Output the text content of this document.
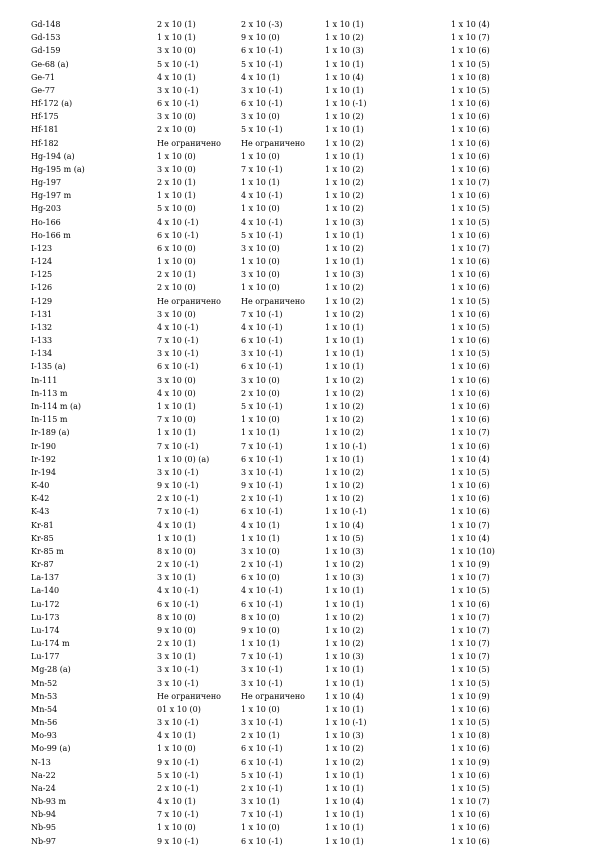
Gd-148	2 x 10 (1)	2 x 10 (-3)	1 x 10 (1)	1 x 10 (4)
Gd-153	1 x 10 (1)	9 x 10 (0)	1 x 10 (2)	1 x 10 (7)
Gd-159	3 x 10 (0)	6 x 10 (-1)	1 x 10 (3)	1 x 10 (6)
Ge-68 (a)	5 x 10 (-1)	5 x 10 (-1)	1 x 10 (1)	1 x 10 (5)
Ge-71	4 x 10 (1)	4 x 10 (1)	1 x 10 (4)	1 x 10 (8)
Ge-77	3 x 10 (-1)	3 x 10 (-1)	1 x 10 (1)	1 x 10 (5)
Hf-172 (a)	6 x 10 (-1)	6 x 10 (-1)	1 x 10 (-1)	1 x 10 (6)
Hf-175	3 x 10 (0)	3 x 10 (0)	1 x 10 (2)	1 x 10 (6)
Hf-181	2 x 10 (0)	5 x 10 (-1)	1 x 10 (1)	1 x 10 (6)
Hf-182	Не ограничено	Не ограничено	1 x 10 (2)	1 x 10 (6)
Hg-194 (a)	1 x 10 (0)	1 x 10 (0)	1 x 10 (1)	1 x 10 (6)
Hg-195 m (a)	3 x 10 (0)	7 x 10 (-1)	1 x 10 (2)	1 x 10 (6)
Hg-197	2 x 10 (1)	1 x 10 (1)	1 x 10 (2)	1 x 10 (7)
Hg-197 m	1 x 10 (1)	4 x 10 (-1)	1 x 10 (2)	1 x 10 (6)
Hg-203	5 x 10 (0)	1 x 10 (0)	1 x 10 (2)	1 x 10 (5)
Ho-166	4 x 10 (-1)	4 x 10 (-1)	1 x 10 (3)	1 x 10 (5)
Ho-166 m	6 x 10 (-1)	5 x 10 (-1)	1 x 10 (1)	1 x 10 (6)
I-123	6 x 10 (0)	3 x 10 (0)	1 x 10 (2)	1 x 10 (7)
I-124	1 x 10 (0)	1 x 10 (0)	1 x 10 (1)	1 x 10 (6)
I-125	2 x 10 (1)	3 x 10 (0)	1 x 10 (3)	1 x 10 (6)
I-126	2 x 10 (0)	1 x 10 (0)	1 x 10 (2)	1 x 10 (6)
I-129	Не ограничено	Не ограничено	1 x 10 (2)	1 x 10 (5)
I-131	3 x 10 (0)	7 x 10 (-1)	1 x 10 (2)	1 x 10 (6)
I-132	4 x 10 (-1)	4 x 10 (-1)	1 x 10 (1)	1 x 10 (5)
I-133	7 x 10 (-1)	6 x 10 (-1)	1 x 10 (1)	1 x 10 (6)
I-134	3 x 10 (-1)	3 x 10 (-1)	1 x 10 (1)	1 x 10 (5)
I-135 (a)	6 x 10 (-1)	6 x 10 (-1)	1 x 10 (1)	1 x 10 (6)
In-111	3 x 10 (0)	3 x 10 (0)	1 x 10 (2)	1 x 10 (6)
In-113 m	4 x 10 (0)	2 x 10 (0)	1 x 10 (2)	1 x 10 (6)
In-114 m (a)	1 x 10 (1)	5 x 10 (-1)	1 x 10 (2)	1 x 10 (6)
In-115 m	7 x 10 (0)	1 x 10 (0)	1 x 10 (2)	1 x 10 (6)
Ir-189 (a)	1 x 10 (1)	1 x 10 (1)	1 x 10 (2)	1 x 10 (7)
Ir-190	7 x 10 (-1)	7 x 10 (-1)	1 x 10 (-1)	1 x 10 (6)
Ir-192	1 x 10 (0) (a)	6 x 10 (-1)	1 x 10 (1)	1 x 10 (4)
Ir-194	3 x 10 (-1)	3 x 10 (-1)	1 x 10 (2)	1 x 10 (5)
K-40	9 x 10 (-1)	9 x 10 (-1)	1 x 10 (2)	1 x 10 (6)
K-42	2 x 10 (-1)	2 x 10 (-1)	1 x 10 (2)	1 x 10 (6)
K-43	7 x 10 (-1)	6 x 10 (-1)	1 x 10 (-1)	1 x 10 (6)
Kr-81	4 x 10 (1)	4 x 10 (1)	1 x 10 (4)	1 x 10 (7)
Kr-85	1 x 10 (1)	1 x 10 (1)	1 x 10 (5)	1 x 10 (4)
Kr-85 m	8 x 10 (0)	3 x 10 (0)	1 x 10 (3)	1 x 10 (10)
Kr-87	2 x 10 (-1)	2 x 10 (-1)	1 x 10 (2)	1 x 10 (9)
La-137	3 x 10 (1)	6 x 10 (0)	1 x 10 (3)	1 x 10 (7)
La-140	4 x 10 (-1)	4 x 10 (-1)	1 x 10 (1)	1 x 10 (5)
Lu-172	6 x 10 (-1)	6 x 10 (-1)	1 x 10 (1)	1 x 10 (6)
Lu-173	8 x 10 (0)	8 x 10 (0)	1 x 10 (2)	1 x 10 (7)
Lu-174	9 x 10 (0)	9 x 10 (0)	1 x 10 (2)	1 x 10 (7)
Lu-174 m	2 x 10 (1)	1 x 10 (1)	1 x 10 (2)	1 x 10 (7)
Lu-177	3 x 10 (1)	7 x 10 (-1)	1 x 10 (3)	1 x 10 (7)
Mg-28 (a)	3 x 10 (-1)	3 x 10 (-1)	1 x 10 (1)	1 x 10 (5)
Mn-52	3 x 10 (-1)	3 x 10 (-1)	1 x 10 (1)	1 x 10 (5)
Mn-53	Не ограничено	Не ограничено	1 x 10 (4)	1 x 10 (9)
Mn-54	01 x 10 (0)	1 x 10 (0)	1 x 10 (1)	1 x 10 (6)
Mn-56	3 x 10 (-1)	3 x 10 (-1)	1 x 10 (-1)	1 x 10 (5)
Mo-93	4 x 10 (1)	2 x 10 (1)	1 x 10 (3)	1 x 10 (8)
Mo-99 (a)	1 x 10 (0)	6 x 10 (-1)	1 x 10 (2)	1 x 10 (6)
N-13	9 x 10 (-1)	6 x 10 (-1)	1 x 10 (2)	1 x 10 (9)
Na-22	5 x 10 (-1)	5 x 10 (-1)	1 x 10 (1)	1 x 10 (6)
Na-24	2 x 10 (-1)	2 x 10 (-1)	1 x 10 (1)	1 x 10 (5)
Nb-93 m	4 x 10 (1)	3 x 10 (1)	1 x 10 (4)	1 x 10 (7)
Nb-94	7 x 10 (-1)	7 x 10 (-1)	1 x 10 (1)	1 x 10 (6)
Nb-95	1 x 10 (0)	1 x 10 (0)	1 x 10 (1)	1 x 10 (6)
Nb-97	9 x 10 (-1)	6 x 10 (-1)	1 x 10 (1)	1 x 10 (6)
